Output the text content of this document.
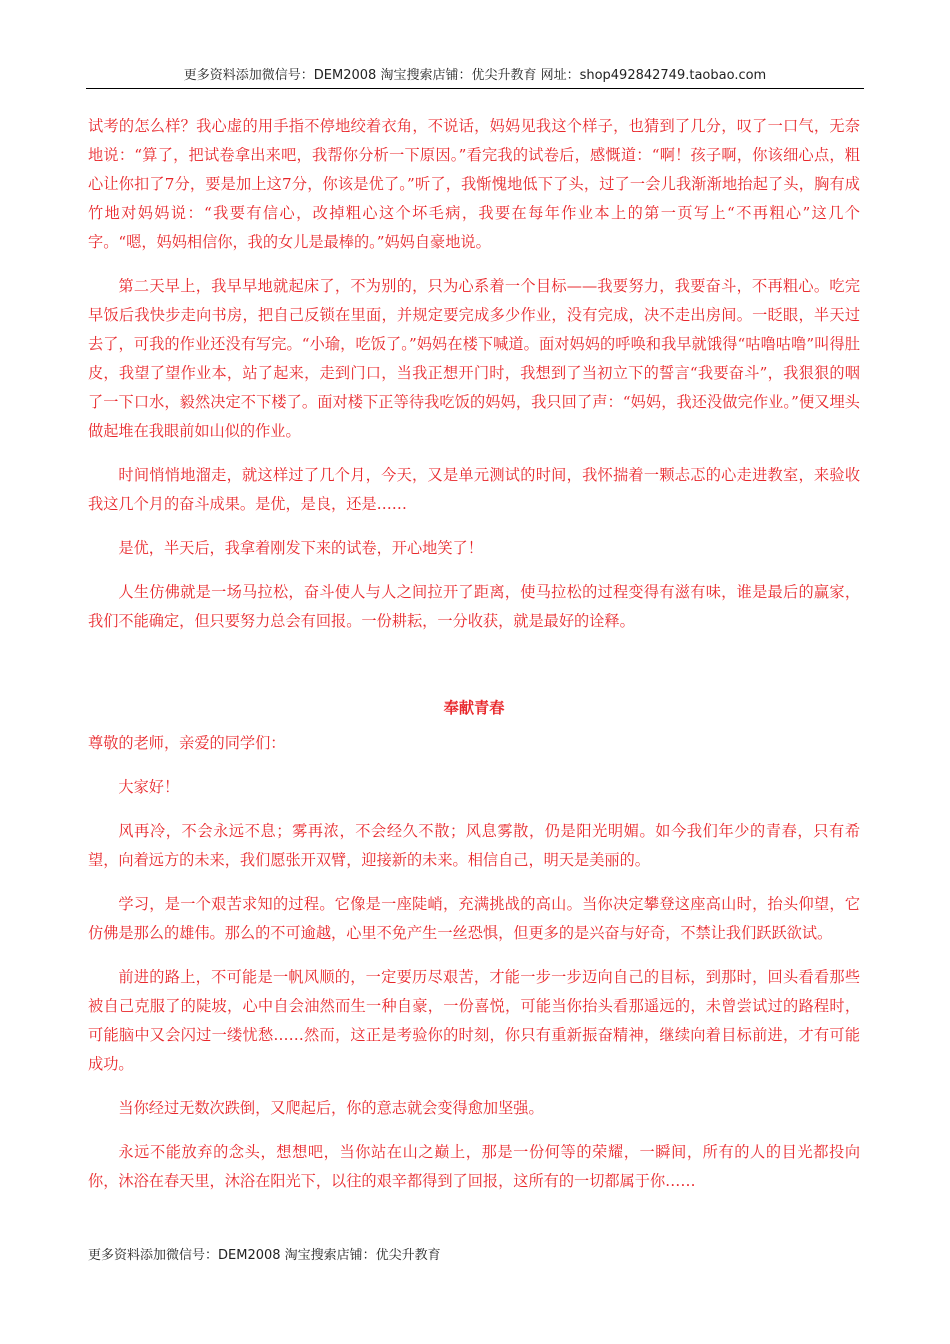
更多资料添加微信号：DEM2008 淘宝搜索店铺：优尖升教育 网址：shop492842749.taobao.com

试考的怎么样？我心虚的用手指不停地绞着衣角，不说话，妈妈见我这个样子，也猜到了几分，叹了一口气，无奈地说：“算了，把试卷拿出来吧，我帮你分析一下原因。”看完我的试卷后，感慨道：“啊！孩子啊，你该细心点，粗心让你扣了7分，要是加上这7分，你该是优了。”听了，我惭愧地低下了头，过了一会儿我渐渐地抬起了头，胸有成竹地对妈妈说：“我要有信心，改掉粗心这个坏毛病，我要在每年作业本上的第一页写上“不再粗心”这几个字。“嗯，妈妈相信你，我的女儿是最棒的。”妈妈自豪地说。

第二天早上，我早早地就起床了，不为别的，只为心系着一个目标——我要努力，我要奋斗，不再粗心。吃完早饭后我快步走向书房，把自己反锁在里面，并规定要完成多少作业，没有完成，决不走出房间。一眨眼，半天过去了，可我的作业还没有写完。“小瑜，吃饭了。”妈妈在楼下喊道。面对妈妈的呼唤和我早就饿得“咕噜咕噜”叫得肚皮，我望了望作业本，站了起来，走到门口，当我正想开门时，我想到了当初立下的誓言“我要奋斗”，我狠狠的咽了一下口水，毅然决定不下楼了。面对楼下正等待我吃饭的妈妈，我只回了声：“妈妈，我还没做完作业。”便又埋头做起堆在我眼前如山似的作业。

时间悄悄地溜走，就这样过了几个月，今天，又是单元测试的时间，我怀揣着一颗忐忑的心走进教室，来验收我这几个月的奋斗成果。是优，是良，还是……

是优，半天后，我拿着刚发下来的试卷，开心地笑了！

人生仿佛就是一场马拉松，奋斗使人与人之间拉开了距离，使马拉松的过程变得有滋有味，谁是最后的赢家，我们不能确定，但只要努力总会有回报。一份耕耘，一分收获，就是最好的诠释。

奉献青春

尊敬的老师，亲爱的同学们：

大家好！

风再冷，不会永远不息；雾再浓，不会经久不散；风息雾散，仍是阳光明媚。如今我们年少的青春，只有希望，向着远方的未来，我们愿张开双臂，迎接新的未来。相信自己，明天是美丽的。

学习，是一个艰苦求知的过程。它像是一座陡峭，充满挑战的高山。当你决定攀登这座高山时，抬头仰望，它仿佛是那么的雄伟。那么的不可逾越，心里不免产生一丝恐惧，但更多的是兴奋与好奇，不禁让我们跃跃欲试。

前进的路上，不可能是一帆风顺的，一定要历尽艰苦，才能一步一步迈向自己的目标，到那时，回头看看那些被自己克服了的陡坡，心中自会油然而生一种自豪，一份喜悦，可能当你抬头看那遥远的，未曾尝试过的路程时，可能脑中又会闪过一缕忧愁……然而，这正是考验你的时刻，你只有重新振奋精神，继续向着目标前进，才有可能成功。

当你经过无数次跌倒，又爬起后，你的意志就会变得愈加坚强。

永远不能放弃的念头，想想吧，当你站在山之巅上，那是一份何等的荣耀，一瞬间，所有的人的目光都投向你，沐浴在春天里，沐浴在阳光下，以往的艰辛都得到了回报，这所有的一切都属于你……

更多资料添加微信号：DEM2008 淘宝搜索店铺：优尖升教育
